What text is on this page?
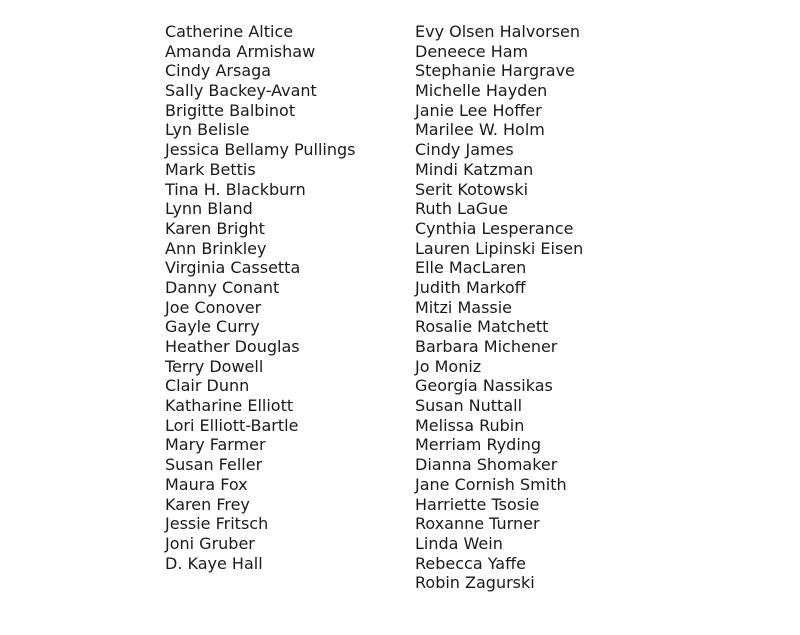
Catherine Altice
Amanda Armishaw
Cindy Arsaga
Sally Backey-Avant
Brigitte Balbinot
Lyn Belisle
Jessica Bellamy Pullings
Mark Bettis
Tina H. Blackburn
Lynn Bland
Karen Bright
Ann Brinkley
Virginia Cassetta
Danny Conant
Joe Conover
Gayle Curry
Heather Douglas
Terry Dowell
Clair Dunn
Katharine Elliott
Lori Elliott-Bartle
Mary Farmer
Susan Feller
Maura Fox
Karen Frey
Jessie Fritsch
Joni Gruber
D. Kaye Hall
Evy Olsen Halvorsen
Deneece Ham
Stephanie Hargrave
Michelle Hayden
Janie Lee Hoffer
Marilee W. Holm
Cindy James
Mindi Katzman
Serit Kotowski
Ruth LaGue
Cynthia Lesperance
Lauren Lipinski Eisen
Elle MacLaren
Judith Markoff
Mitzi Massie
Rosalie Matchett
Barbara Michener
Jo Moniz
Georgia Nassikas
Susan Nuttall
Melissa Rubin
Merriam Ryding
Dianna Shomaker
Jane Cornish Smith
Harriette Tsosie
Roxanne Turner
Linda Wein
Rebecca Yaffe
Robin Zagurski
